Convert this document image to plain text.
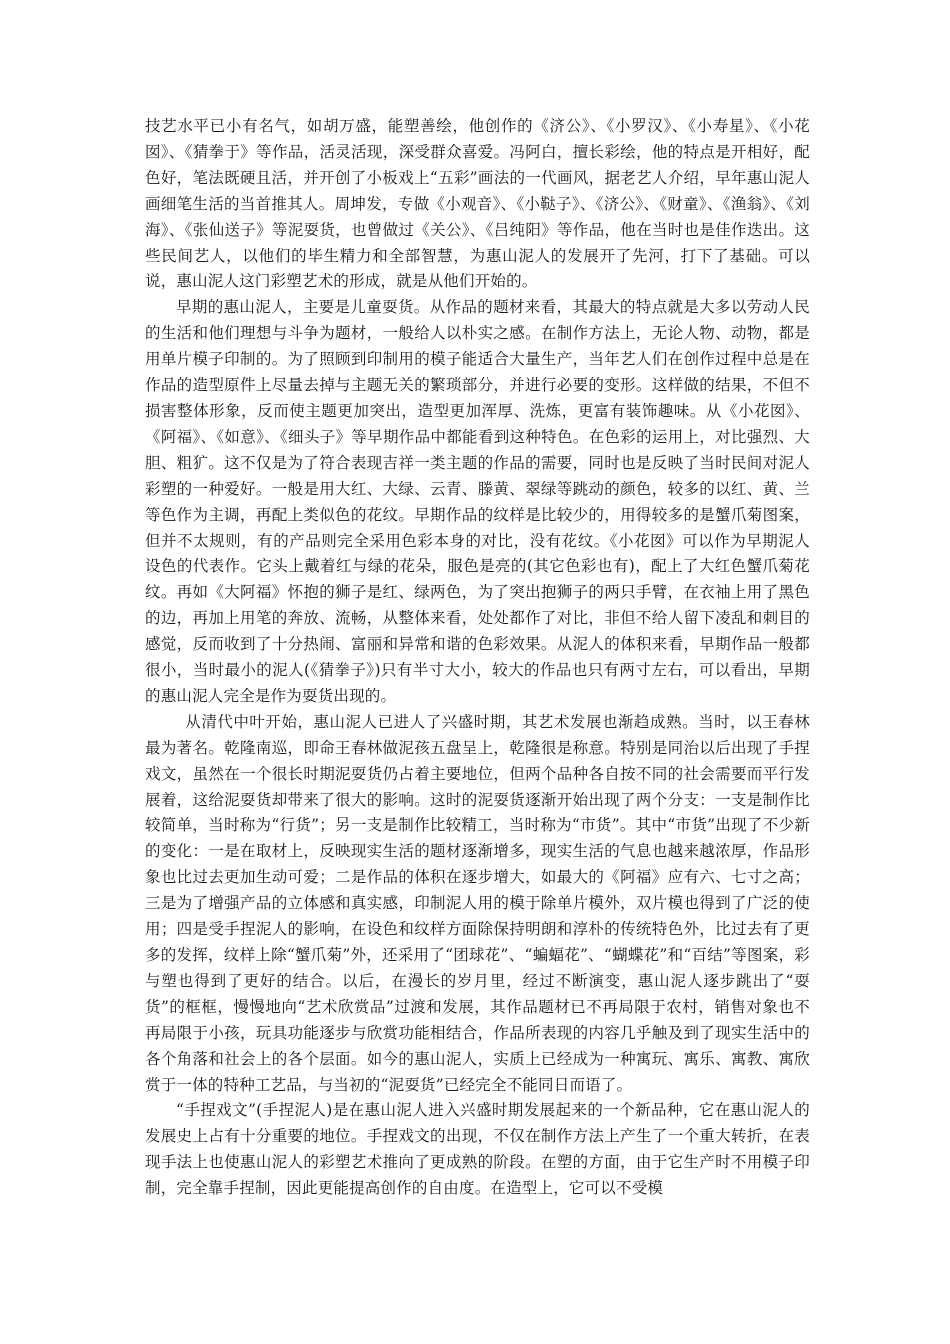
技艺水平已小有名气，如胡万盛，能塑善绘，他创作的《济公》、《小罗汉》、《小寿星》、《小花囡》、《猜拳于》等作品，活灵活现，深受群众喜爱。冯阿白，擅长彩绘，他的特点是开相好，配色好，笔法既硬且活，并开创了小板戏上“五彩”画法的一代画风，据老艺人介绍，早年惠山泥人画细笔生活的当首推其人。周坤发，专做《小观音》、《小鞑子》、《济公》、《财童》、《渔翁》、《刘海》、《张仙送子》等泥耍货，也曾做过《关公》、《吕纯阳》等作品，他在当时也是佳作迭出。这些民间艺人，以他们的毕生精力和全部智慧，为惠山泥人的发展开了先河，打下了基础。可以说，惠山泥人这门彩塑艺术的形成，就是从他们开始的。

早期的惠山泥人，主要是儿童耍货。从作品的题材来看，其最大的特点就是大多以劳动人民的生活和他们理想与斗争为题材，一般给人以朴实之感。在制作方法上，无论人物、动物，都是用单片模子印制的。为了照顾到印制用的模子能适合大量生产，当年艺人们在创作过程中总是在作品的造型原件上尽量去掉与主题无关的繁琐部分，并进行必要的变形。这样做的结果，不但不损害整体形象，反而使主题更加突出，造型更加浑厚、洗炼，更富有装饰趣味。从《小花囡》、《阿福》、《如意》、《细头子》等早期作品中都能看到这种特色。在色彩的运用上，对比强烈、大胆、粗犷。这不仅是为了符合表现吉祥一类主题的作品的需要，同时也是反映了当时民间对泥人彩塑的一种爱好。一般是用大红、大绿、云青、滕黄、翠绿等跳动的颜色，较多的以红、黄、兰等色作为主调，再配上类似色的花纹。早期作品的纹样是比较少的，用得较多的是蟹爪菊图案，但并不太规则，有的产品则完全采用色彩本身的对比，没有花纹。《小花囡》可以作为早期泥人设色的代表作。它头上戴着红与绿的花朵，服色是亮的(其它色彩也有)，配上了大红色蟹爪菊花纹。再如《大阿福》怀抱的狮子是红、绿两色，为了突出抱狮子的两只手臂，在衣袖上用了黑色的边，再加上用笔的奔放、流畅，从整体来看，处处都作了对比，非但不给人留下凌乱和刺目的感觉，反而收到了十分热闹、富丽和异常和谐的色彩效果。从泥人的体积来看，早期作品一般都很小，当时最小的泥人(《猜拳子》)只有半寸大小，较大的作品也只有两寸左右，可以看出，早期的惠山泥人完全是作为耍货出现的。

从清代中叶开始，惠山泥人已进人了兴盛时期，其艺术发展也渐趋成熟。当时，以王春林最为著名。乾隆南巡，即命王春林做泥孩五盘呈上，乾隆很是称意。特别是同治以后出现了手捏戏文，虽然在一个很长时期泥耍货仍占着主要地位，但两个品种各自按不同的社会需要而平行发展着，这给泥耍货却带来了很大的影响。这时的泥耍货逐渐开始出现了两个分支：一支是制作比较简单，当时称为“行货”；另一支是制作比较精工，当时称为“市货”。其中“市货”出现了不少新的变化：一是在取材上，反映现实生活的题材逐渐增多，现实生活的气息也越来越浓厚，作品形象也比过去更加生动可爱；二是作品的体积在逐步增大，如最大的《阿福》应有六、七寸之高；三是为了增强产品的立体感和真实感，印制泥人用的模于除单片模外，双片模也得到了广泛的使用；四是受手捏泥人的影响，在设色和纹样方面除保持明朗和淳朴的传统特色外，比过去有了更多的发挥，纹样上除“蟹爪菊”外，还采用了“团球花”、“蝙蝠花”、“蝴蝶花”和“百结”等图案，彩与塑也得到了更好的结合。以后，在漫长的岁月里，经过不断演变，惠山泥人逐步跳出了“耍货”的框框，慢慢地向“艺术欣赏品”过渡和发展，其作品题材已不再局限于农村，销售对象也不再局限于小孩，玩具功能逐步与欣赏功能相结合，作品所表现的内容几乎触及到了现实生活中的各个角落和社会上的各个层面。如今的惠山泥人，实质上已经成为一种寓玩、寓乐、寓教、寓欣赏于一体的特种工艺品，与当初的“泥耍货”已经完全不能同日而语了。

“手捏戏文”(手捏泥人)是在惠山泥人进入兴盛时期发展起来的一个新品种，它在惠山泥人的发展史上占有十分重要的地位。手捏戏文的出现，不仅在制作方法上产生了一个重大转折，在表现手法上也使惠山泥人的彩塑艺术推向了更成熟的阶段。在塑的方面，由于它生产时不用模子印制，完全靠手捏制，因此更能提高创作的自由度。在造型上，它可以不受模
